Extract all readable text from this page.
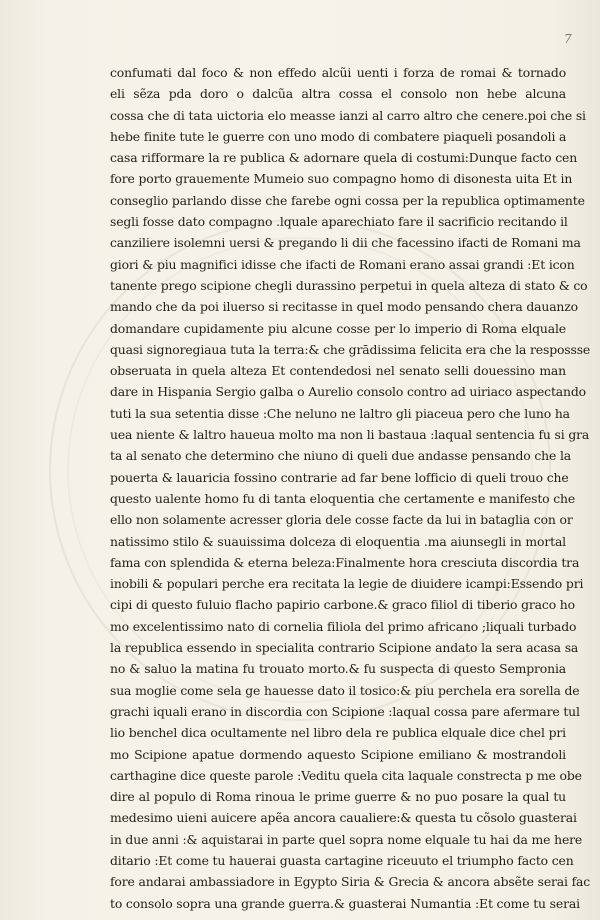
7
confumati dal foco & non effedo alcũi uenti i forza de romai & tornado
eli sẽza pda doro o dalcũa altra cossa el consolo non hebe alcuna
cossa che di tata uictoria elo measse ianzi al carro altro che cenere.poi che si
hebe finite tute le guerre con uno modo di combatere piaqueli posandoli a
casa rifformare la re publica & adornare quela di costumi:Dunque facto cen
fore porto grauemente Mumeio suo compagno homo di disonesta uita Et in
conseglio parlando disse che farebe ogni cossa per la republica optimamente
segli fosse dato compagno .lquale aparechiato fare il sacrificio recitando il
canziliere isolemni uersi & pregando li dii che facessino ifacti de Romani ma
giori & piu magnifici idisse che ifacti de Romani erano assai grandi :Et icon
tanente prego scipione chegli durassino perpetui in quela alteza di stato & co
mando che da poi iluerso si recitasse in quel modo pensando chera dauanzo
domandare cupidamente piu alcune cosse per lo imperio di Roma elquale
quasi signoregiaua tuta la terra:& che grādissima felicita era che la respossse
obseruata in quela alteza Et contendedosi nel senato selli douessino man
dare in Hispania Sergio galba o Aurelio consolo contro ad uiriaco aspectando
tuti la sua setentia disse :Che neluno ne laltro gli piaceua pero che luno ha
uea niente & laltro haueua molto ma non li bastaua :laqual sentencia fu si gra
ta al senato che determino che niuno di queli due andasse pensando che la
pouerta & lauaricia fossino contrarie ad far bene lofficio di queli trouo che
questo ualente homo fu di tanta eloquentia che certamente e manifesto che
ello non solamente acresser gloria dele cosse facte da lui in bataglia con or
natissimo stilo & suauissima dolceza di eloquentia .ma aiunsegli in mortal
fama con splendida & eterna beleza:Finalmente hora cresciuta discordia tra
inobili & populari perche era recitata la legie de diuidere icampi:Essendo pri
cipi di questo fuluio flacho papirio carbone.& graco filiol di tiberio graco ho
mo excelentissimo nato di cornelia filiola del primo africano ;liquali turbado
la republica essendo in specialita contrario Scipione andato la sera acasa sa
no & saluo la matina fu trouato morto.& fu suspecta di questo Sempronia
sua moglie come sela ge hauesse dato il tosico:& piu perchela era sorella de
grachi iquali erano in discordia con Scipione :laqual cossa pare afermare tul
lio benchel dica ocultamente nel libro dela re publica elquale dice chel pri
mo Scipione apatue dormendo aquesto Scipione emiliano & mostrandoli
carthagine dice queste parole :Veditu quela cita laquale constrecta p me obe
dire al populo di Roma rinoua le prime guerre & no puo posare la qual tu
medesimo uieni auicere apẽa ancora caualiere:& questa tu cõsolo guasterai
in due anni :& aquistarai in parte quel sopra nome elquale tu hai da me here
ditario :Et come tu hauerai guasta cartagine riceuuto el triumpho facto cen
fore andarai ambassiadore in Egypto Siria & Grecia & ancora absẽte serai fac
to consolo sopra una grande guerra.& guasterai Numantia :Et come tu serai
